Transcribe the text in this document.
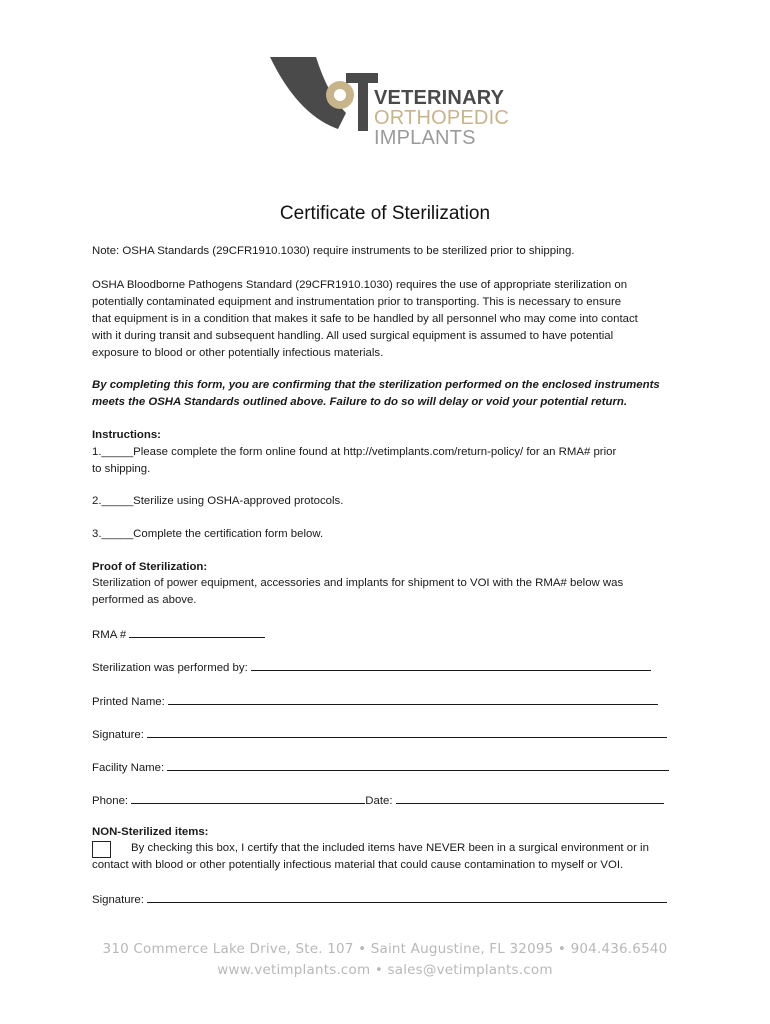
VETERINARY
ORTHOPEDIC
IMPLANTS
Certificate of Sterilization
Note: OSHA Standards (29CFR1910.1030) require instruments to be sterilized prior to shipping.
OSHA Bloodborne Pathogens Standard (29CFR1910.1030) requires the use of appropriate sterilization on
potentially contaminated equipment and instrumentation prior to transporting. This is necessary to ensure
that equipment is in a condition that makes it safe to be handled by all personnel who may come into contact
with it during transit and subsequent handling. All used surgical equipment is assumed to have potential
exposure to blood or other potentially infectious materials.
By completing this form, you are confirming that the sterilization performed on the enclosed instruments
meets the OSHA Standards outlined above. Failure to do so will delay or void your potential return.
Instructions:
1._____Please complete the form online found at http://vetimplants.com/return-policy/ for an RMA# prior
to shipping.
2._____Sterilize using OSHA-approved protocols.
3._____Complete the certification form below.
Proof of Sterilization:
Sterilization of power equipment, accessories and implants for shipment to VOI with the RMA# below was
performed as above.
RMA #
Sterilization was performed by:
Printed Name:
Signature:
Facility Name:
Phone:	Date:
NON-Sterilized items:
By checking this box, I certify that the included items have NEVER been in a surgical environment or in
contact with blood or other potentially infectious material that could cause contamination to myself or VOI.
Signature:
310 Commerce Lake Drive, Ste. 107 • Saint Augustine, FL 32095 • 904.436.6540
www.vetimplants.com • sales@vetimplants.com
